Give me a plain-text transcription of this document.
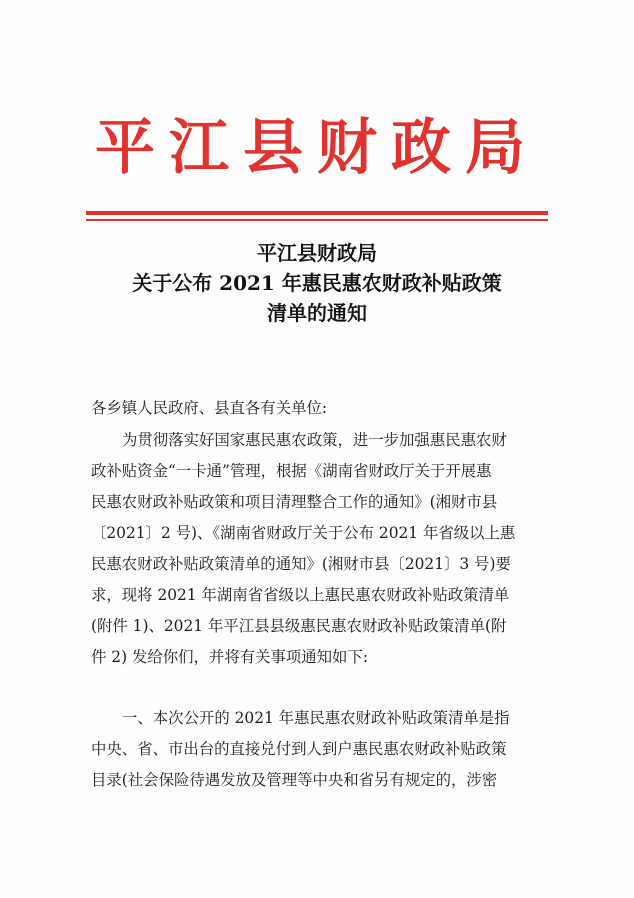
平江县财政局
平江县财政局
关于公布 2021 年惠民惠农财政补贴政策
清单的通知
各乡镇人民政府、县直各有关单位:
为贯彻落实好国家惠民惠农政策，进一步加强惠民惠农财
政补贴资金“一卡通”管理，根据《湖南省财政厅关于开展惠
民惠农财政补贴政策和项目清理整合工作的通知》(湘财市县
〔2021〕2 号)、《湖南省财政厅关于公布 2021 年省级以上惠
民惠农财政补贴政策清单的通知》(湘财市县〔2021〕3 号)要
求，现将 2021 年湖南省省级以上惠民惠农财政补贴政策清单
(附件 1)、2021 年平江县县级惠民惠农财政补贴政策清单(附
件 2) 发给你们，并将有关事项通知如下:
一、本次公开的 2021 年惠民惠农财政补贴政策清单是指
中央、省、市出台的直接兑付到人到户惠民惠农财政补贴政策
目录(社会保险待遇发放及管理等中央和省另有规定的，涉密
